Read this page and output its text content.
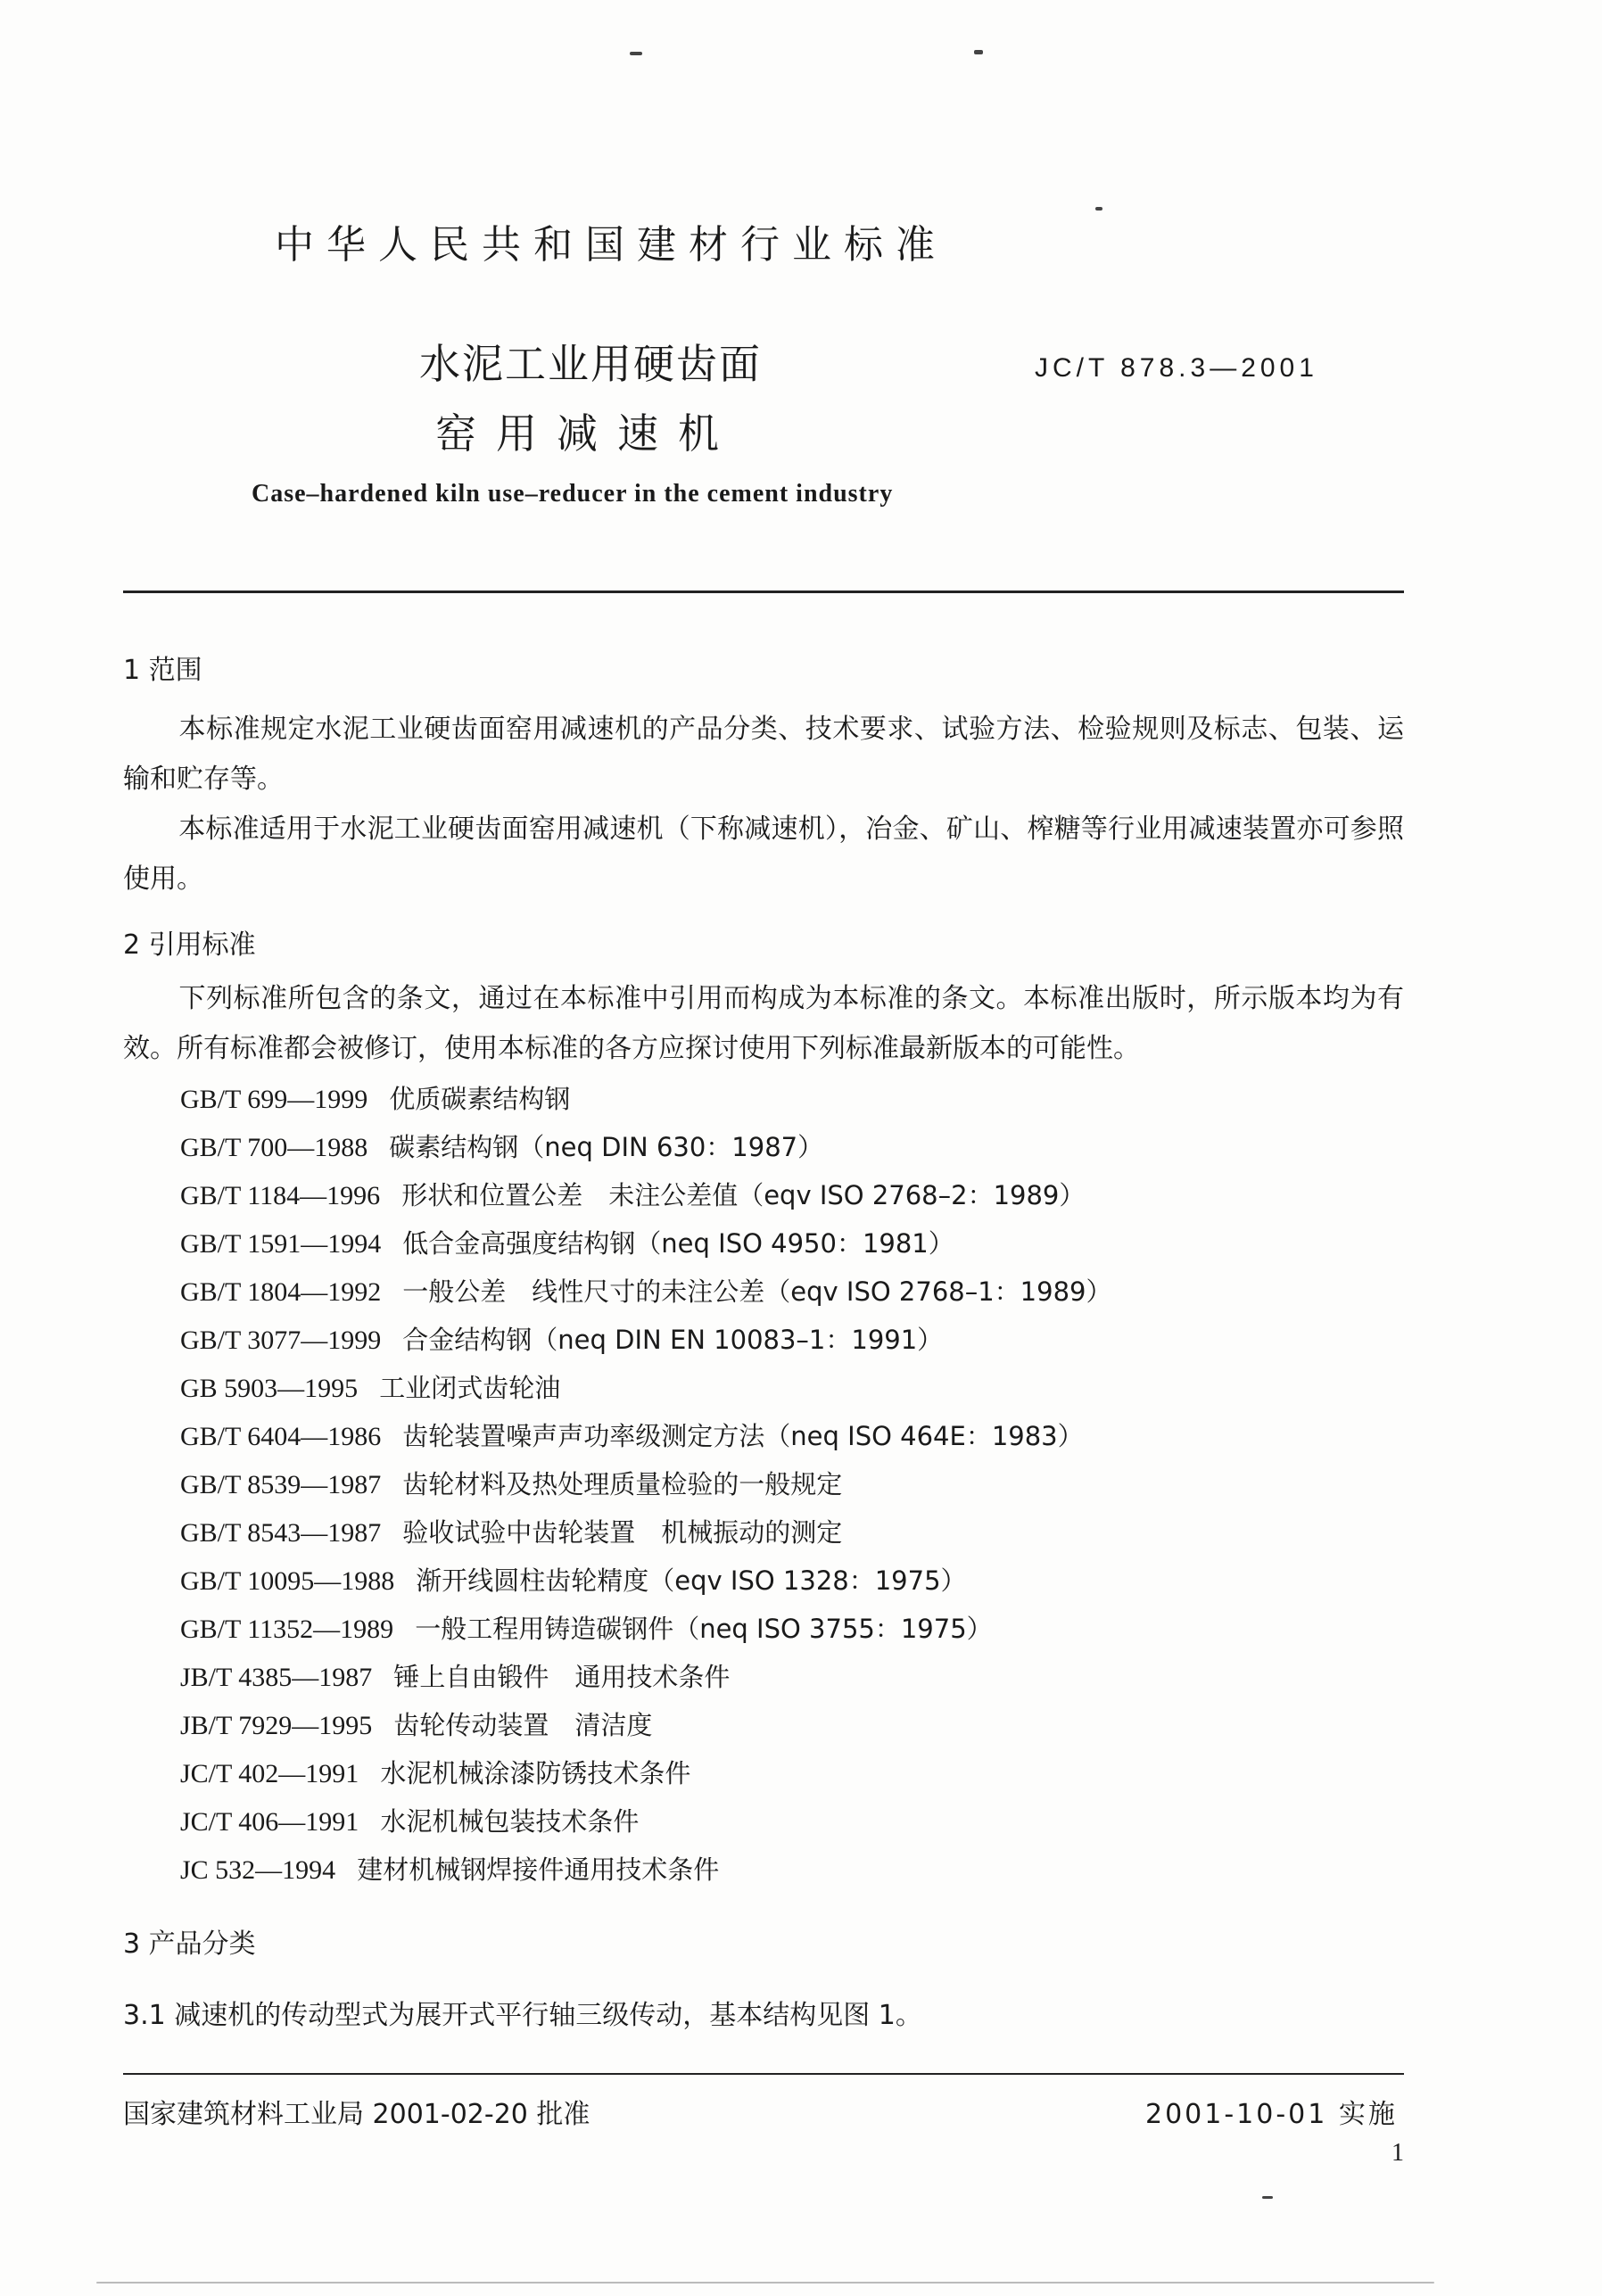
中华人民共和国建材行业标准
水泥工业用硬齿面
窑用减速机
JC/T 878.3—2001
Case–hardened kiln use–reducer in the cement industry
1 范围
本标准规定水泥工业硬齿面窑用减速机的产品分类、技术要求、试验方法、检验规则及标志、包装、运输和贮存等。
本标准适用于水泥工业硬齿面窑用减速机（下称减速机），冶金、矿山、榨糖等行业用减速装置亦可参照使用。
2 引用标准
下列标准所包含的条文，通过在本标准中引用而构成为本标准的条文。本标准出版时，所示版本均为有效。所有标准都会被修订，使用本标准的各方应探讨使用下列标准最新版本的可能性。
GB/T 699—1999 优质碳素结构钢
GB/T 700—1988 碳素结构钢（neq DIN 630：1987）
GB/T 1184—1996 形状和位置公差　未注公差值（eqv ISO 2768–2：1989）
GB/T 1591—1994 低合金高强度结构钢（neq ISO 4950：1981）
GB/T 1804—1992 一般公差　线性尺寸的未注公差（eqv ISO 2768–1：1989）
GB/T 3077—1999 合金结构钢（neq DIN EN 10083–1：1991）
GB 5903—1995 工业闭式齿轮油
GB/T 6404—1986 齿轮装置噪声声功率级测定方法（neq ISO 464E：1983）
GB/T 8539—1987 齿轮材料及热处理质量检验的一般规定
GB/T 8543—1987 验收试验中齿轮装置　机械振动的测定
GB/T 10095—1988 渐开线圆柱齿轮精度（eqv ISO 1328：1975）
GB/T 11352—1989 一般工程用铸造碳钢件（neq ISO 3755：1975）
JB/T 4385—1987 锤上自由锻件　通用技术条件
JB/T 7929—1995 齿轮传动装置　清洁度
JC/T 402—1991 水泥机械涂漆防锈技术条件
JC/T 406—1991 水泥机械包装技术条件
JC 532—1994 建材机械钢焊接件通用技术条件
3 产品分类
3.1 减速机的传动型式为展开式平行轴三级传动，基本结构见图 1。
国家建筑材料工业局 2001-02-20 批准	2001-10-01 实施
1
